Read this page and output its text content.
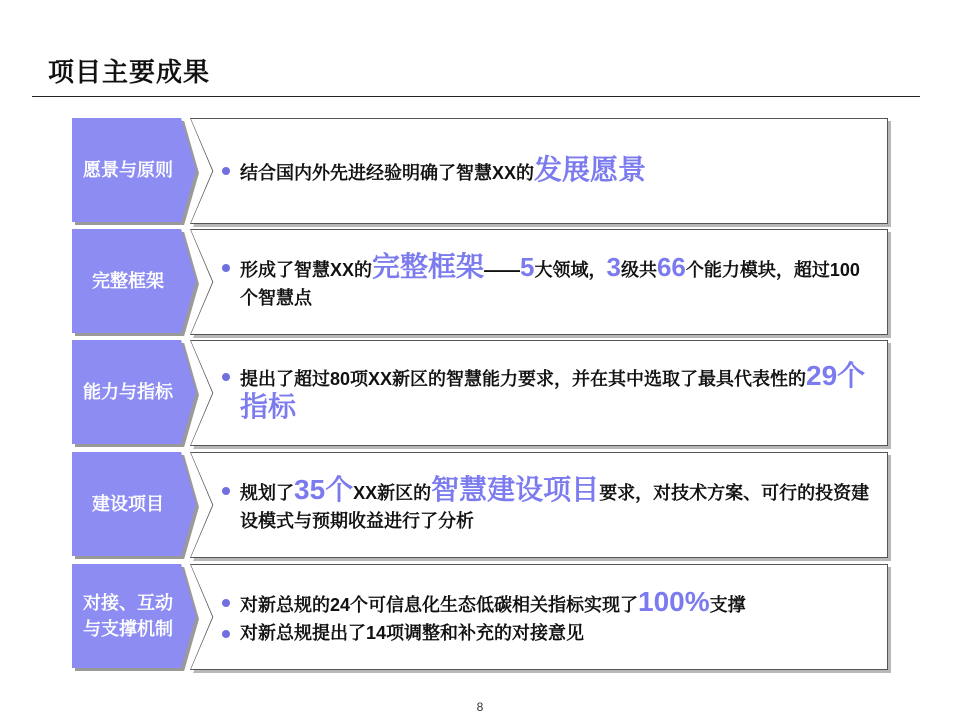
项目主要成果
愿景与原则	结合国内外先进经验明确了智慧XX的发展愿景
完整框架
形成了智慧XX的完整框架——5大领域，3级共66个能力模块，超过100个智慧点
能力与指标
提出了超过80项XX新区的智慧能力要求，并在其中选取了最具代表性的29个指标
建设项目
规划了35个XX新区的智慧建设项目要求，对技术方案、可行的投资建设模式与预期收益进行了分析
对接、互动
与支撑机制
对新总规的24个可信息化生态低碳相关指标实现了100%支撑
对新总规提出了14项调整和补充的对接意见
8
